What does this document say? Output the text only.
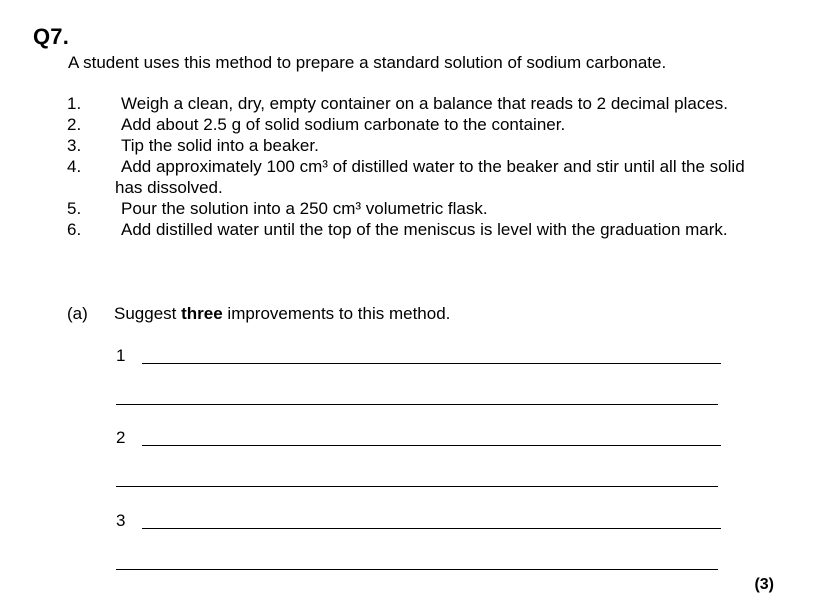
Q7.
A student uses this method to prepare a standard solution of sodium carbonate.
1.	Weigh a clean, dry, empty container on a balance that reads to 2 decimal places.
2.	Add about 2.5 g of solid sodium carbonate to the container.
3.	Tip the solid into a beaker.
4.	Add approximately 100 cm³ of distilled water to the beaker and stir until all the solid has dissolved.
5.	Pour the solution into a 250 cm³ volumetric flask.
6.	Add distilled water until the top of the meniscus is level with the graduation mark.
(a) Suggest three improvements to this method.
1
2
3
(3)
